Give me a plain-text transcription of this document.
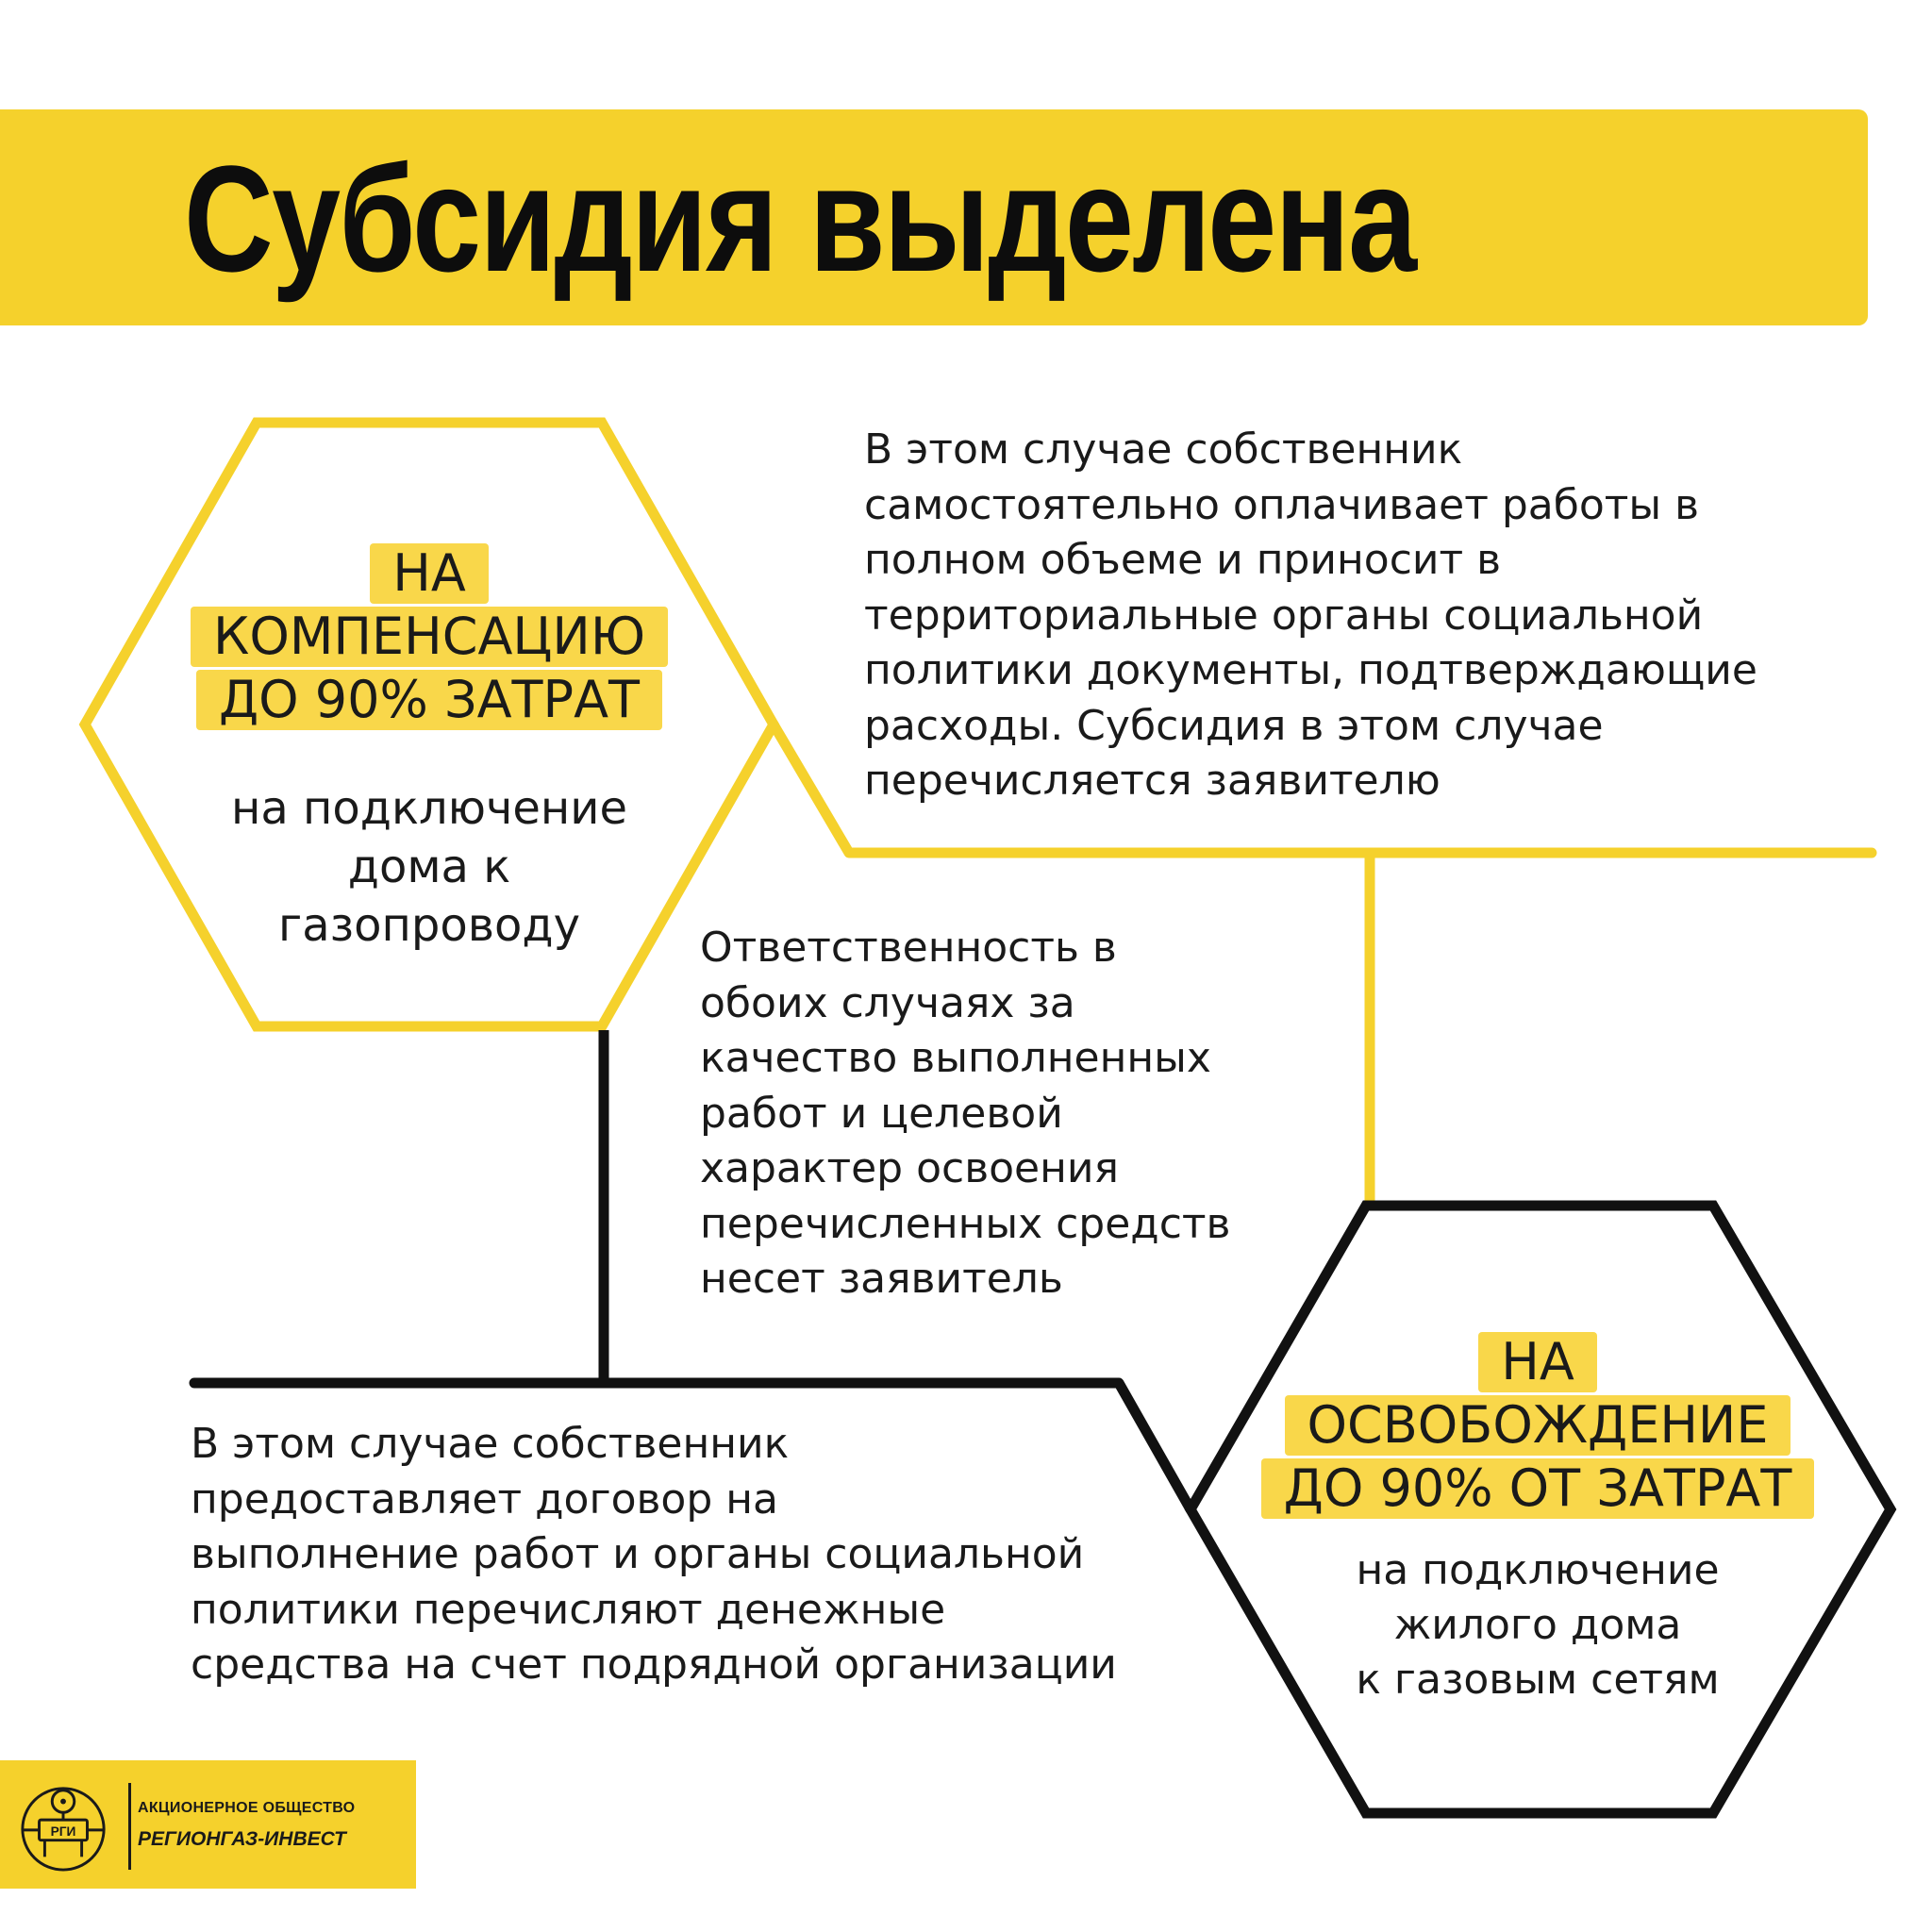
Субсидия выделена
НА
КОМПЕНСАЦИЮ
ДО 90% ЗАТРАТ
на подключение
дома к
газопроводу
В этом случае собственник
самостоятельно оплачивает работы в
полном объеме и приносит в
территориальные органы социальной
политики документы, подтверждающие
расходы. Субсидия в этом случае
перечисляется заявителю
Ответственность в
обоих случаях за
качество выполненных
работ и целевой
характер освоения
перечисленных средств
несет заявитель
В этом случае собственник
предоставляет договор на
выполнение работ и органы социальной
политики перечисляют денежные
средства на счет подрядной организации
НА
ОСВОБОЖДЕНИЕ
ДО 90% ОТ ЗАТРАТ
на подключение
жилого дома
к газовым сетям
РГИ
АКЦИОНЕРНОЕ ОБЩЕСТВО
РЕГИОНГАЗ-ИНВЕСТ
